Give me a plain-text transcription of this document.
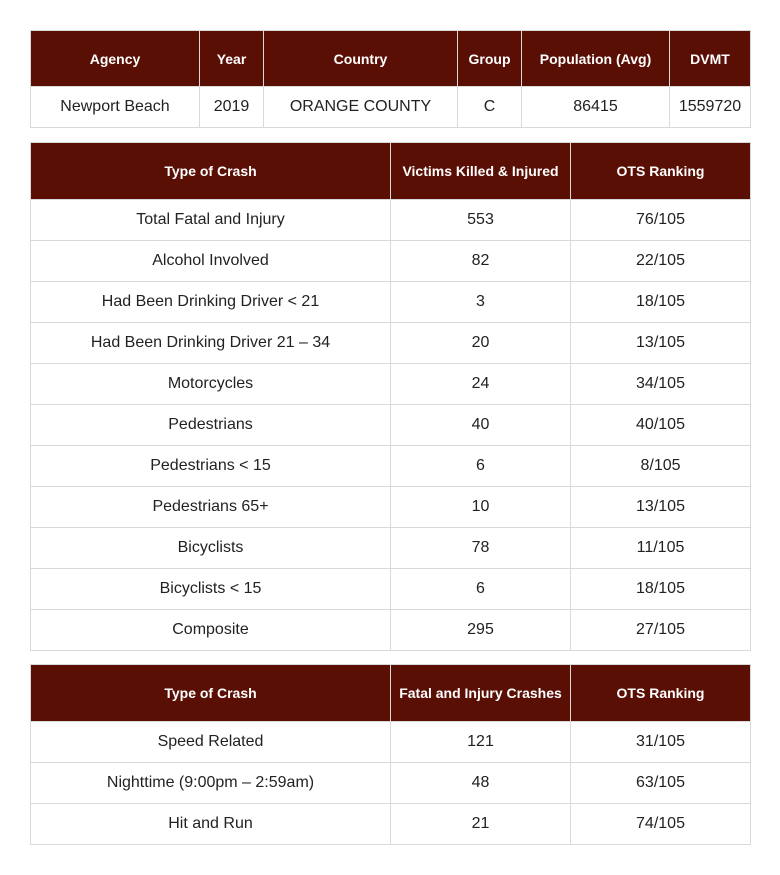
Agency	Year	Country	Group	Population (Avg)	DVMT
Newport Beach	2019	ORANGE COUNTY	C	86415	1559720
Type of Crash	Victims Killed & Injured	OTS Ranking
Total Fatal and Injury	553	76/105
Alcohol Involved	82	22/105
Had Been Drinking Driver < 21	3	18/105
Had Been Drinking Driver 21 – 34	20	13/105
Motorcycles	24	34/105
Pedestrians	40	40/105
Pedestrians < 15	6	8/105
Pedestrians 65+	10	13/105
Bicyclists	78	11/105
Bicyclists < 15	6	18/105
Composite	295	27/105
Type of Crash	Fatal and Injury Crashes	OTS Ranking
Speed Related	121	31/105
Nighttime (9:00pm – 2:59am)	48	63/105
Hit and Run	21	74/105
